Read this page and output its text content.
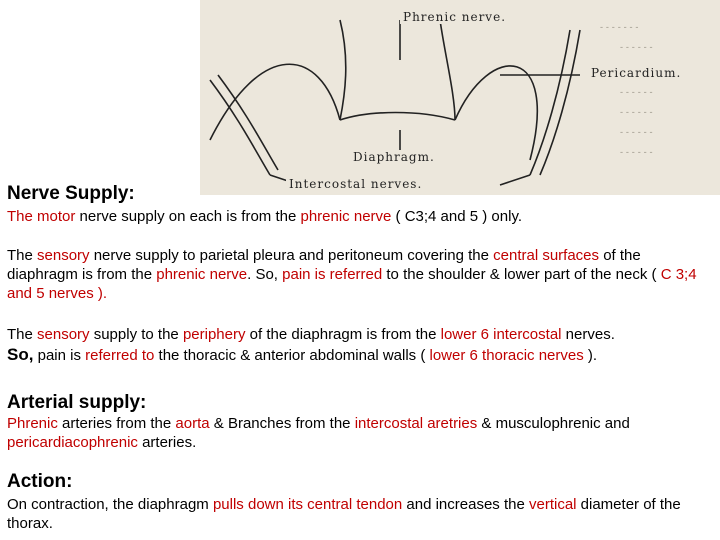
- - - - - - -
- - - - - -
- - - - - -
- - - - - -
- - - - - -
- - - - - -
Phrenic nerve.
Pericardium.
Diaphragm.
Intercostal nerves.
Nerve Supply:
The motor nerve supply on each is from the phrenic nerve ( C3;4 and 5 ) only.
The sensory nerve supply to parietal pleura and peritoneum covering the central surfaces of the diaphragm is from the phrenic nerve. So, pain is referred to the shoulder & lower part of the neck ( C 3;4 and 5 nerves ).
The sensory supply to the periphery of the diaphragm is from the lower 6 intercostal nerves.
So, pain is referred to the thoracic & anterior abdominal walls ( lower 6 thoracic nerves ).
Arterial supply:
Phrenic arteries from the aorta & Branches from the intercostal aretries & musculophrenic and pericardiacophrenic arteries.
Action:
On contraction, the diaphragm pulls down its central tendon and increases the vertical diameter of the thorax.
